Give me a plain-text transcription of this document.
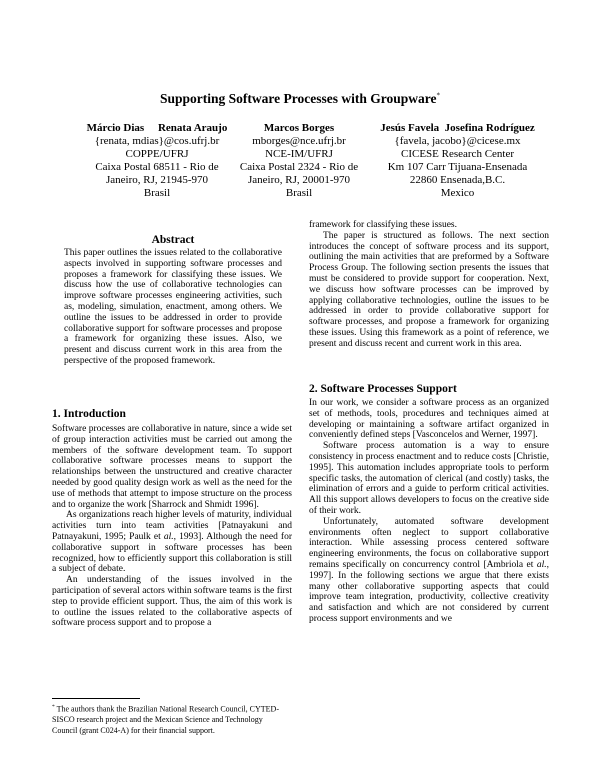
Supporting Software Processes with Groupware*
Márcio Dias     Renata Araujo
{renata, mdias}@cos.ufrj.br
COPPE/UFRJ
Caixa Postal 68511 - Rio de
Janeiro, RJ, 21945-970
Brasil
Marcos Borges
mborges@nce.ufrj.br
NCE-IM/UFRJ
Caixa Postal 2324 - Rio de
Janeiro, RJ, 20001-970
Brasil
Jesús Favela  Josefina Rodríguez
{favela, jacobo}@cicese.mx
CICESE Research Center
Km 107 Carr Tijuana-Ensenada
22860 Ensenada,B.C.
Mexico
Abstract

This paper outlines the issues related to the collaborative aspects involved in supporting software processes and proposes a framework for classifying these issues. We discuss how the use of collaborative technologies can improve software processes engineering activities, such as, modeling, simulation, enactment, among others. We outline the issues to be addressed in order to provide collaborative support for software processes and propose a framework for organizing these issues. Also, we present and discuss current work in this area from the perspective of the proposed framework.

1. Introduction

Software processes are collaborative in nature, since a wide set of group interaction activities must be carried out among the members of the software development team. To support collaborative software processes means to support the relationships between the unstructured and creative character needed by good quality design work as well as the need for the use of methods that attempt to impose structure on the process and to organize the work [Sharrock and Shmidt 1996].

As organizations reach higher levels of maturity, individual activities turn into team activities [Patnayakuni and Patnayakuni, 1995; Paulk et al., 1993]. Although the need for collaborative support in software processes has been recognized, how to efficiently support this collaboration is still a subject of debate.

An understanding of the issues involved in the participation of several actors within software teams is the first step to provide efficient support. Thus, the aim of this work is to outline the issues related to the collaborative aspects of software process support and to propose a

* The authors thank the Brazilian National Research Council, CYTED-SISCO research project and the Mexican Science and Technology Council (grant C024-A) for their financial support.

framework for classifying these issues.

The paper is structured as follows. The next section introduces the concept of software process and its support, outlining the main activities that are preformed by a Software Process Group. The following section presents the issues that must be considered to provide support for cooperation. Next, we discuss how software processes can be improved by applying collaborative technologies, outline the issues to be addressed in order to provide collaborative support for software processes, and propose a framework for organizing these issues. Using this framework as a point of reference, we present and discuss recent and current work in this area.

2. Software Processes Support

In our work, we consider a software process as an organized set of methods, tools, procedures and techniques aimed at developing or maintaining a software artifact organized in conveniently defined steps [Vasconcelos and Werner, 1997].

Software process automation is a way to ensure consistency in process enactment and to reduce costs [Christie, 1995]. This automation includes appropriate tools to perform specific tasks, the automation of clerical (and costly) tasks, the elimination of errors and a guide to perform critical activities. All this support allows developers to focus on the creative side of their work.

Unfortunately, automated software development environments often neglect to support collaborative interaction. While assessing process centered software engineering environments, the focus on collaborative support remains specifically on concurrency control [Ambriola et al., 1997]. In the following sections we argue that there exists many other collaborative supporting aspects that could improve team integration, productivity, collective creativity and satisfaction and which are not considered by current process support environments and we
